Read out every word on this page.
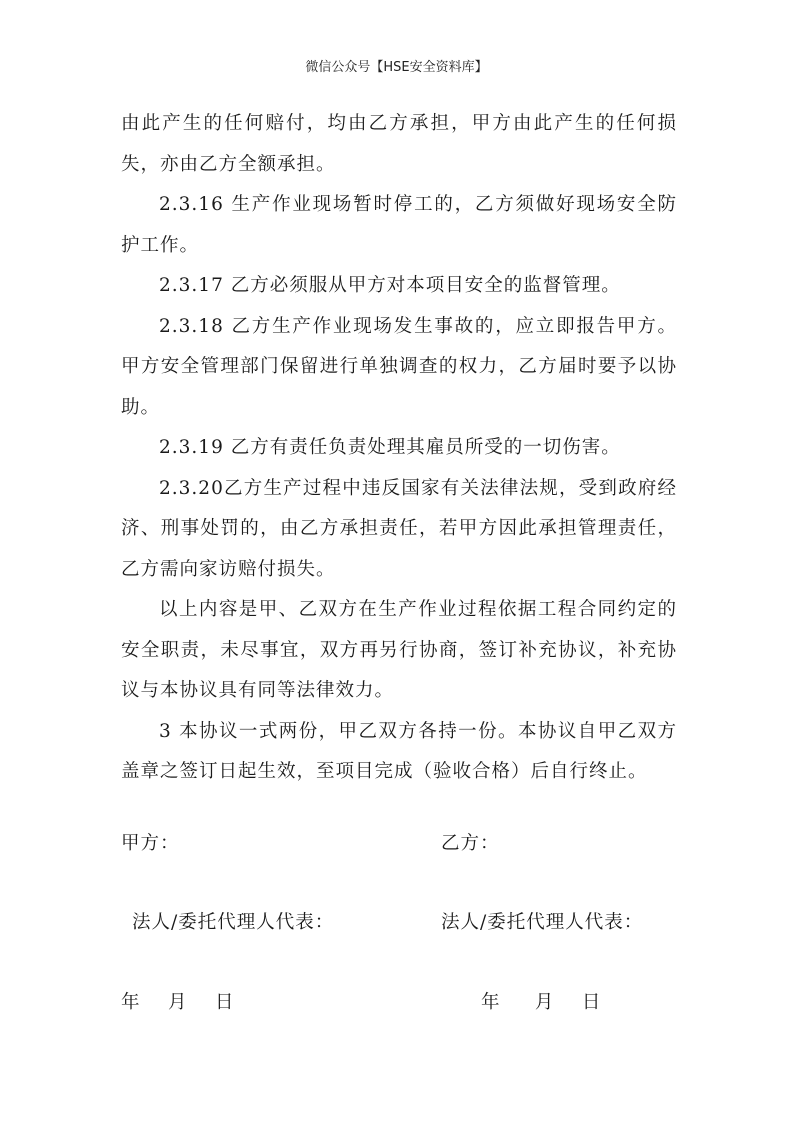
微信公众号【HSE安全资料库】

由此产生的任何赔付，均由乙方承担，甲方由此产生的任何损失，亦由乙方全额承担。

2.3.16 生产作业现场暂时停工的，乙方须做好现场安全防护工作。

2.3.17 乙方必须服从甲方对本项目安全的监督管理。

2.3.18 乙方生产作业现场发生事故的，应立即报告甲方。甲方安全管理部门保留进行单独调查的权力，乙方届时要予以协助。

2.3.19 乙方有责任负责处理其雇员所受的一切伤害。

2.3.20乙方生产过程中违反国家有关法律法规，受到政府经济、刑事处罚的，由乙方承担责任，若甲方因此承担管理责任，乙方需向家访赔付损失。

以上内容是甲、乙双方在生产作业过程依据工程合同约定的安全职责，未尽事宜，双方再另行协商，签订补充协议，补充协议与本协议具有同等法律效力。

3 本协议一式两份，甲乙双方各持一份。本协议自甲乙双方盖章之签订日起生效，至项目完成（验收合格）后自行终止。

甲方：	乙方：
法人/委托代理人代表：	法人/委托代理人代表：
年    月    日	年     月    日
